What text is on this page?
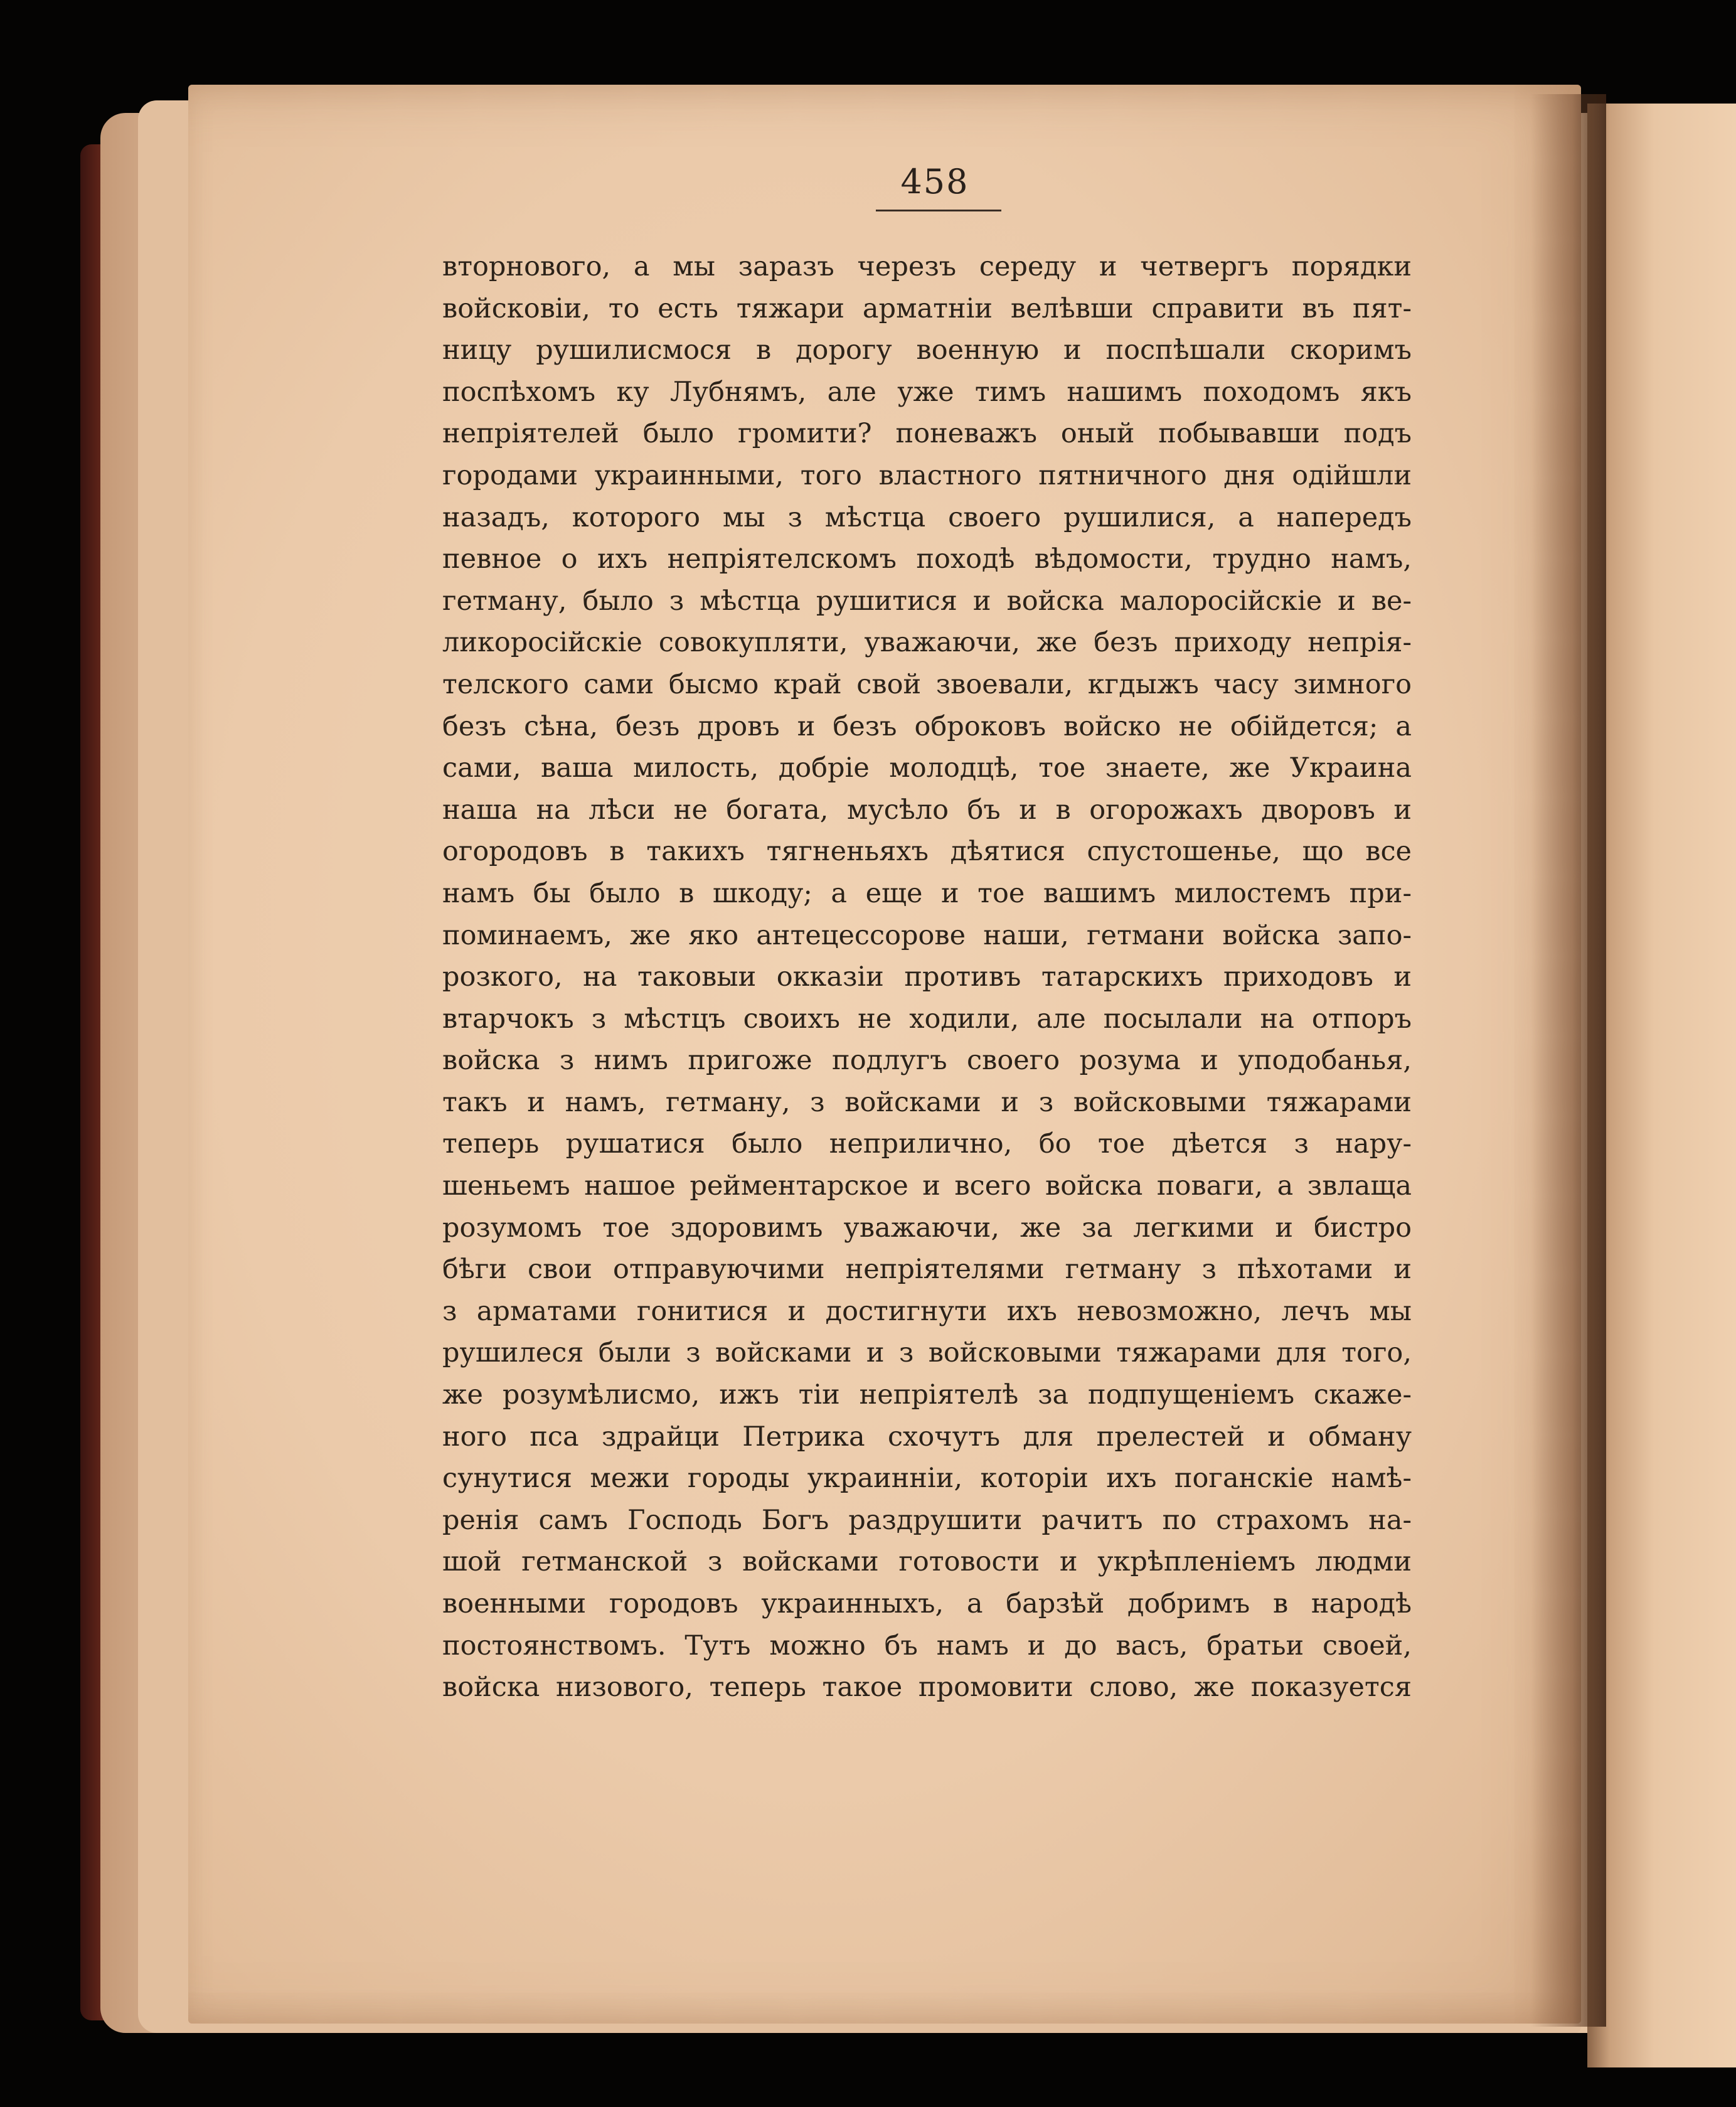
458
вторнового, а мы заразъ черезъ середу и четвергъ порядки
войсковіи, то есть тяжари арматніи велѣвши справити въ пят-
ницу рушилисмося в дорогу военную и поспѣшали скоримъ
поспѣхомъ ку Лубнямъ, але уже тимъ нашимъ походомъ якъ
непріятелей было громити? поневажъ оный побывавши подъ
городами украинными, того властного пятничного дня одійшли
назадъ, которого мы з мѣстца своего рушилися, а напередъ
певное о ихъ непріятелскомъ походѣ вѣдомости, трудно намъ,
гетману, было з мѣстца рушитися и войска малоросійскіе и ве-
ликоросійскіе совокупляти, уважаючи, же безъ приходу непрія-
телского сами бысмо край свой звоевали, кгдыжъ часу зимного
безъ сѣна, безъ дровъ и безъ оброковъ войско не обійдется; а
сами, ваша милость, добріе молодцѣ, тое знаете, же Украина
наша на лѣси не богата, мусѣло бъ и в огорожахъ дворовъ и
огородовъ в такихъ тягненьяхъ дѣятися спустошенье, що все
намъ бы было в шкоду; а еще и тое вашимъ милостемъ при-
поминаемъ, же яко антецессорове наши, гетмани войска запо-
розкого, на таковыи окказіи противъ татарскихъ приходовъ и
втарчокъ з мѣстцъ своихъ не ходили, але посылали на отпоръ
войска з нимъ пригоже подлугъ своего розума и уподобанья,
такъ и намъ, гетману, з войсками и з войсковыми тяжарами
теперь рушатися было неприлично, бо тое дѣется з нару-
шеньемъ нашое рейментарское и всего войска поваги, а звлаща
розумомъ тое здоровимъ уважаючи, же за легкими и бистро
бѣги свои отправуючими непріятелями гетману з пѣхотами и
з арматами гонитися и достигнути ихъ невозможно, лечъ мы
рушилеся были з войсками и з войсковыми тяжарами для того,
же розумѣлисмо, ижъ тіи непріятелѣ за подпущеніемъ скаже-
ного пса здрайци Петрика схочутъ для прелестей и обману
сунутися межи городы украинніи, которіи ихъ поганскіе намѣ-
ренія самъ Господь Богъ раздрушити рачитъ по страхомъ на-
шой гетманской з войсками готовости и укрѣпленіемъ людми
военными городовъ украинныхъ, а барзѣй добримъ в народѣ
постоянствомъ. Тутъ можно бъ намъ и до васъ, братьи своей,
войска низового, теперь такое промовити слово, же показуется
